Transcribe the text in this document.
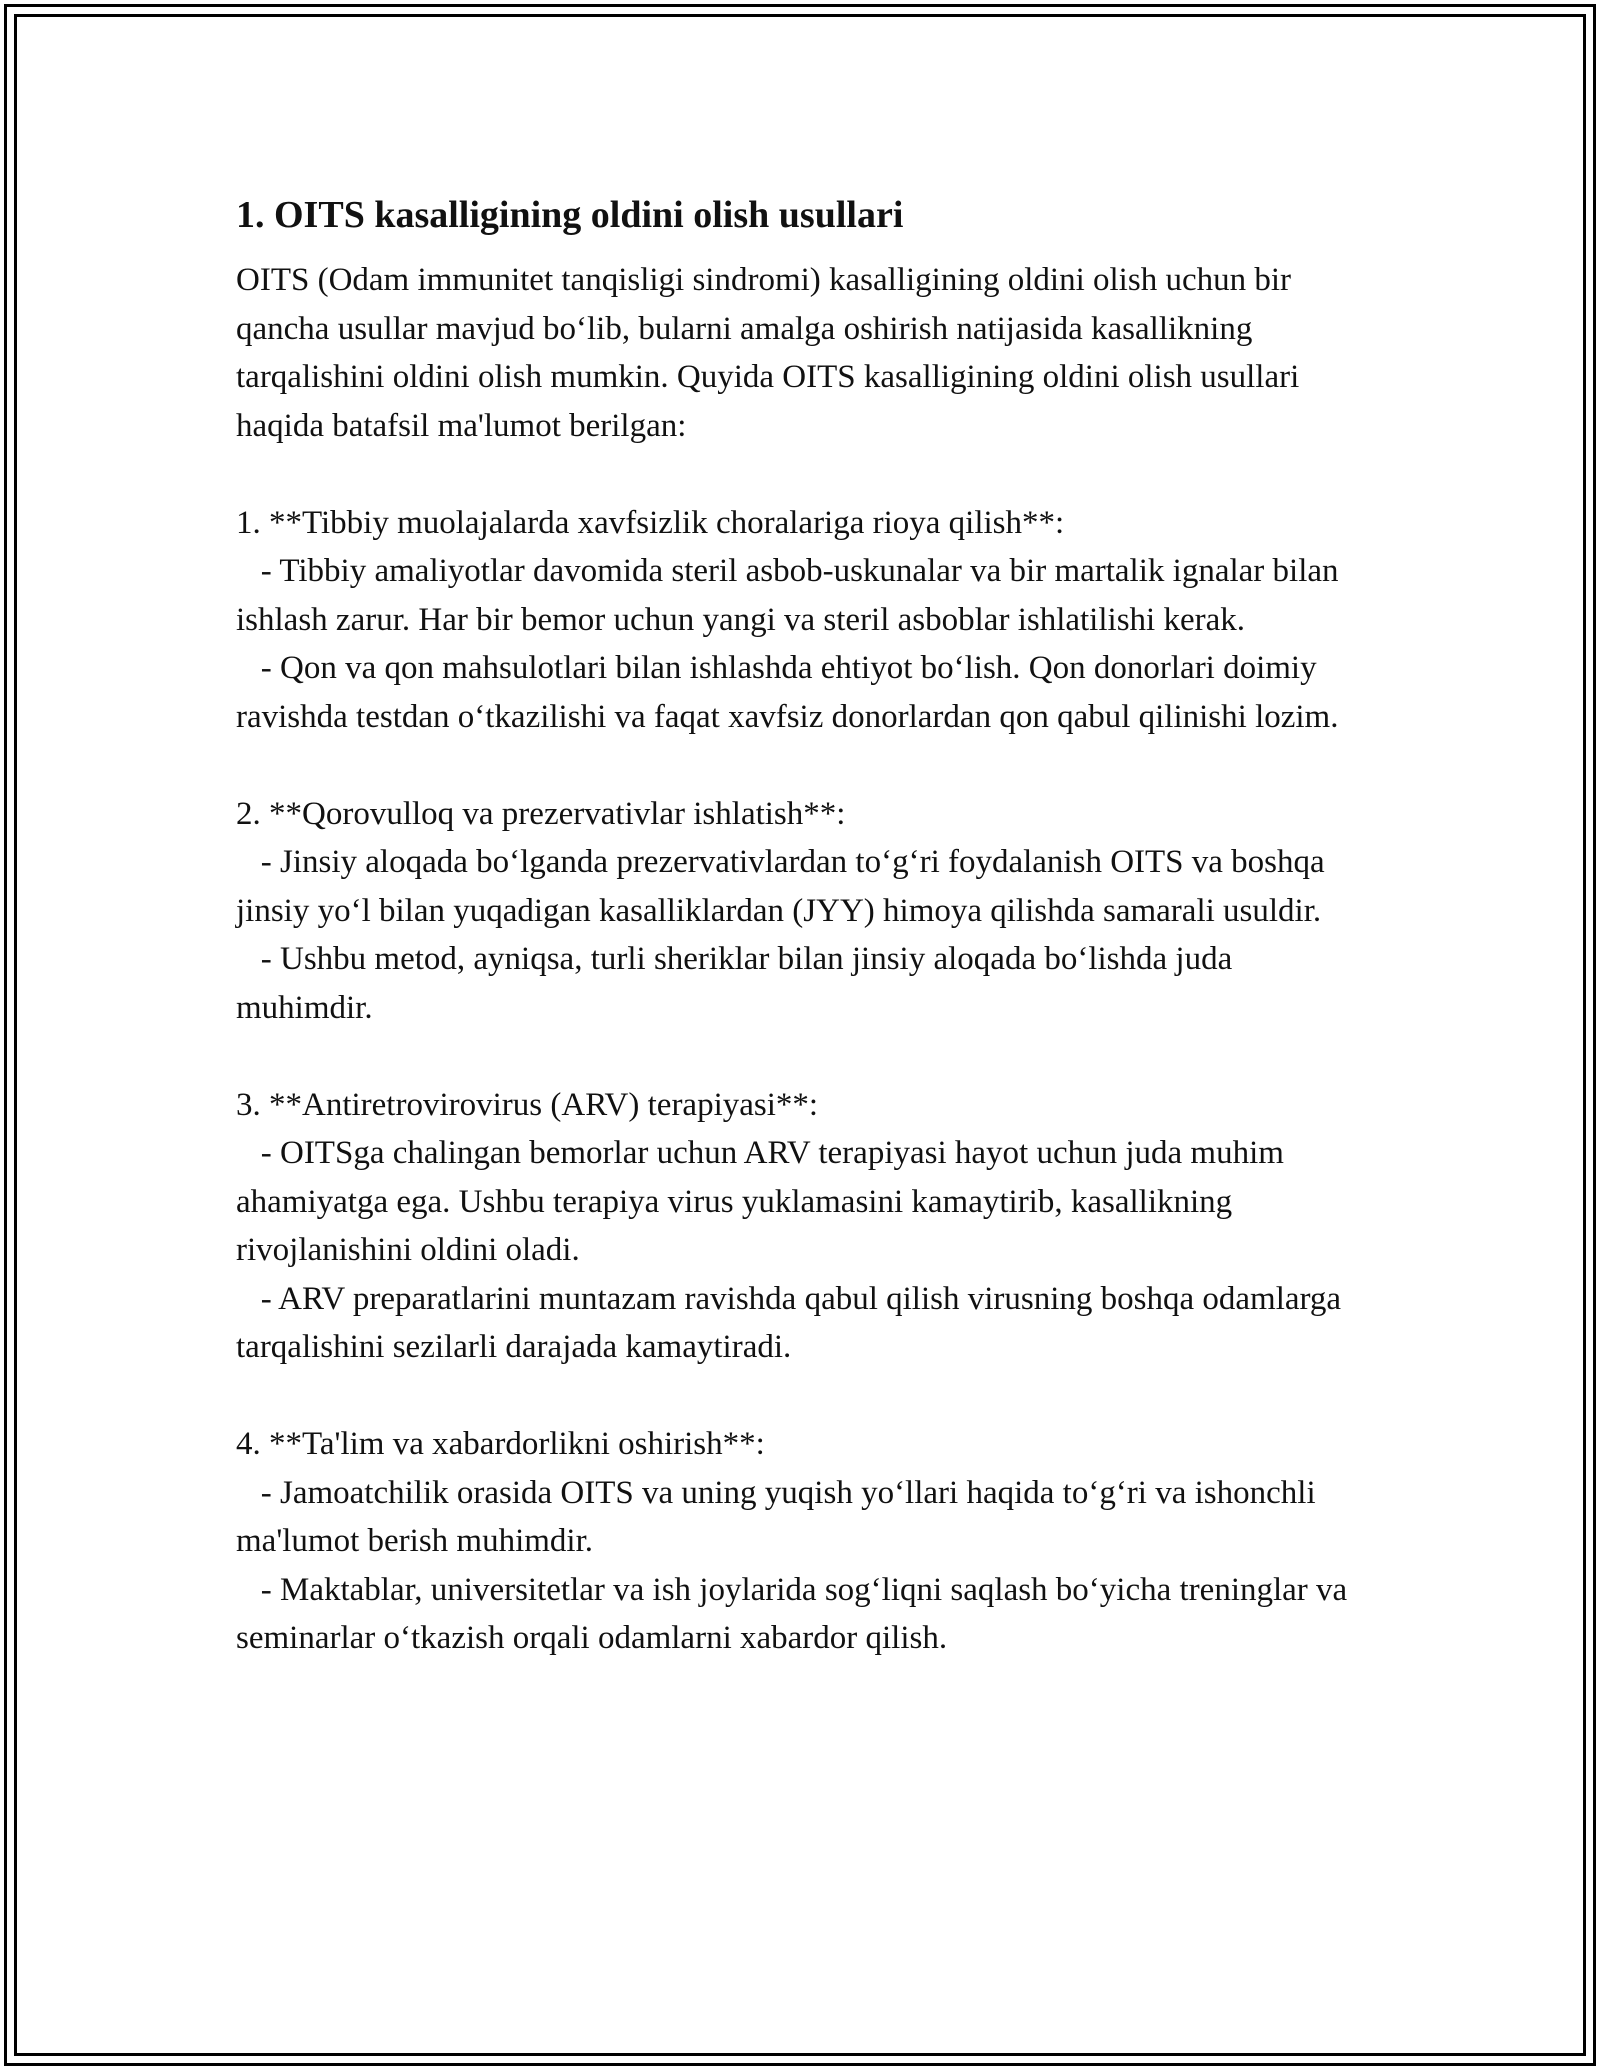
1. OITS kasalligining oldini olish usullari

OITS (Odam immunitet tanqisligi sindromi) kasalligining oldini olish uchun bir qancha usullar mavjud bo‘lib, bularni amalga oshirish natijasida kasallikning tarqalishini oldini olish mumkin. Quyida OITS kasalligining oldini olish usullari haqida batafsil ma'lumot berilgan:

1. **Tibbiy muolajalarda xavfsizlik choralariga rioya qilish**:

- Tibbiy amaliyotlar davomida steril asbob-uskunalar va bir martalik ignalar bilan ishlash zarur. Har bir bemor uchun yangi va steril asboblar ishlatilishi kerak.

- Qon va qon mahsulotlari bilan ishlashda ehtiyot bo‘lish. Qon donorlari doimiy ravishda testdan o‘tkazilishi va faqat xavfsiz donorlardan qon qabul qilinishi lozim.

2. **Qorovulloq va prezervativlar ishlatish**:

- Jinsiy aloqada bo‘lganda prezervativlardan to‘g‘ri foydalanish OITS va boshqa jinsiy yo‘l bilan yuqadigan kasalliklardan (JYY) himoya qilishda samarali usuldir.

- Ushbu metod, ayniqsa, turli sheriklar bilan jinsiy aloqada bo‘lishda juda muhimdir.

3. **Antiretrovirovirus (ARV) terapiyasi**:

- OITSga chalingan bemorlar uchun ARV terapiyasi hayot uchun juda muhim ahamiyatga ega. Ushbu terapiya virus yuklamasini kamaytirib, kasallikning rivojlanishini oldini oladi.

- ARV preparatlarini muntazam ravishda qabul qilish virusning boshqa odamlarga tarqalishini sezilarli darajada kamaytiradi.

4. **Ta'lim va xabardorlikni oshirish**:

- Jamoatchilik orasida OITS va uning yuqish yo‘llari haqida to‘g‘ri va ishonchli ma'lumot berish muhimdir.

- Maktablar, universitetlar va ish joylarida sog‘liqni saqlash bo‘yicha treninglar va seminarlar o‘tkazish orqali odamlarni xabardor qilish.
